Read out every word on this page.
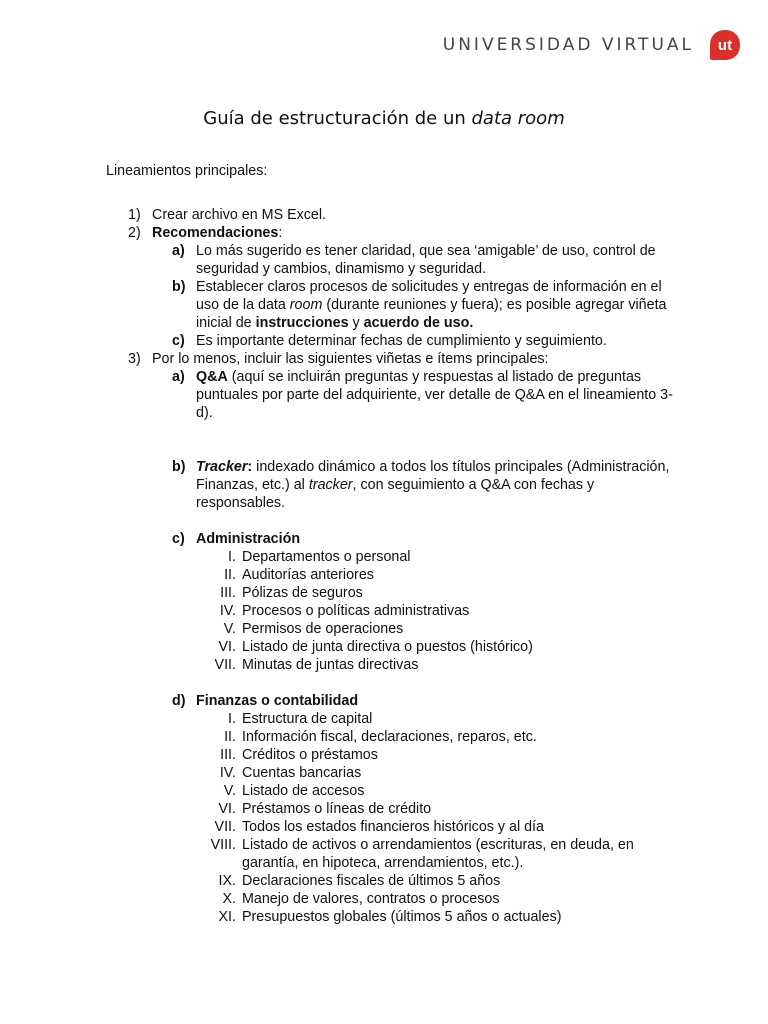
UNIVERSIDAD VIRTUAL ut
Guía de estructuración de un data room
Lineamientos principales:
1) Crear archivo en MS Excel.
2) Recomendaciones:
a) Lo más sugerido es tener claridad, que sea ‘amigable’ de uso, control de seguridad y cambios, dinamismo y seguridad.
b) Establecer claros procesos de solicitudes y entregas de información en el uso de la data room (durante reuniones y fuera); es posible agregar viñeta inicial de instrucciones y acuerdo de uso.
c) Es importante determinar fechas de cumplimiento y seguimiento.
3) Por lo menos, incluir las siguientes viñetas e ítems principales:
a) Q&A (aquí se incluirán preguntas y respuestas al listado de preguntas puntuales por parte del adquiriente, ver detalle de Q&A en el lineamiento 3-d).
b) Tracker: indexado dinámico a todos los títulos principales (Administración, Finanzas, etc.) al tracker, con seguimiento a Q&A con fechas y responsables.
c) Administración
I. Departamentos o personal
II. Auditorías anteriores
III. Pólizas de seguros
IV. Procesos o políticas administrativas
V. Permisos de operaciones
VI. Listado de junta directiva o puestos (histórico)
VII. Minutas de juntas directivas
d) Finanzas o contabilidad
I. Estructura de capital
II. Información fiscal, declaraciones, reparos, etc.
III. Créditos o préstamos
IV. Cuentas bancarias
V. Listado de accesos
VI. Préstamos o líneas de crédito
VII. Todos los estados financieros históricos y al día
VIII. Listado de activos o arrendamientos (escrituras, en deuda, en garantía, en hipoteca, arrendamientos, etc.).
IX. Declaraciones fiscales de últimos 5 años
X. Manejo de valores, contratos o procesos
XI. Presupuestos globales (últimos 5 años o actuales)
